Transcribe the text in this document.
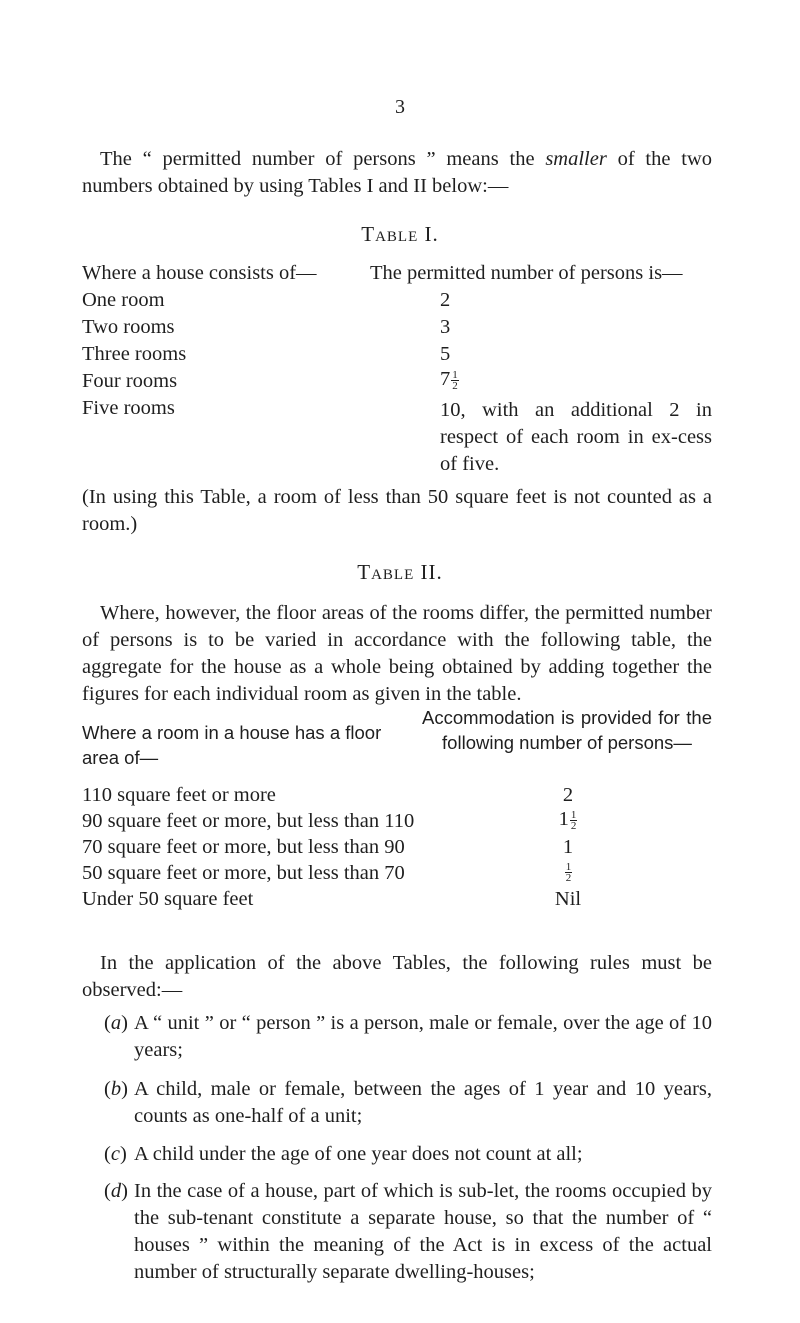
3
The “ permitted number of persons ” means the smaller of the two numbers obtained by using Tables I and II below:—
Table I.
Where a house consists of—	The permitted number of persons is—
One room	2
Two rooms	3
Three rooms	5
Four rooms	$7 \frac{1}{2}$
Five rooms	10, with an additional 2 in respect of each room in ex-cess of five.
(In using this Table, a room of less than 50 square feet is not counted as a room.)
Table II.
Where, however, the floor areas of the rooms differ, the permitted number of persons is to be varied in accordance with the following table, the aggregate for the house as a whole being obtained by adding together the figures for each individual room as given in the table.
Where a room in a house has a floor area of—
Accommodation is provided for the following number of persons—
110 square feet or more	2
90 square feet or more, but less than 110	$1 \frac{1}{2}$
70 square feet or more, but less than 90	1
50 square feet or more, but less than 70	$\frac{1}{2}$
Under 50 square feet	Nil
In the application of the above Tables, the following rules must be observed:—
(a) A “ unit ” or “ person ” is a person, male or female, over the age of 10 years;
(b) A child, male or female, between the ages of 1 year and 10 years, counts as one-half of a unit;
(c) A child under the age of one year does not count at all;
(d) In the case of a house, part of which is sub-let, the rooms occupied by the sub-tenant constitute a separate house, so that the number of “ houses ” within the meaning of the Act is in excess of the actual number of structurally separate dwelling-houses;
